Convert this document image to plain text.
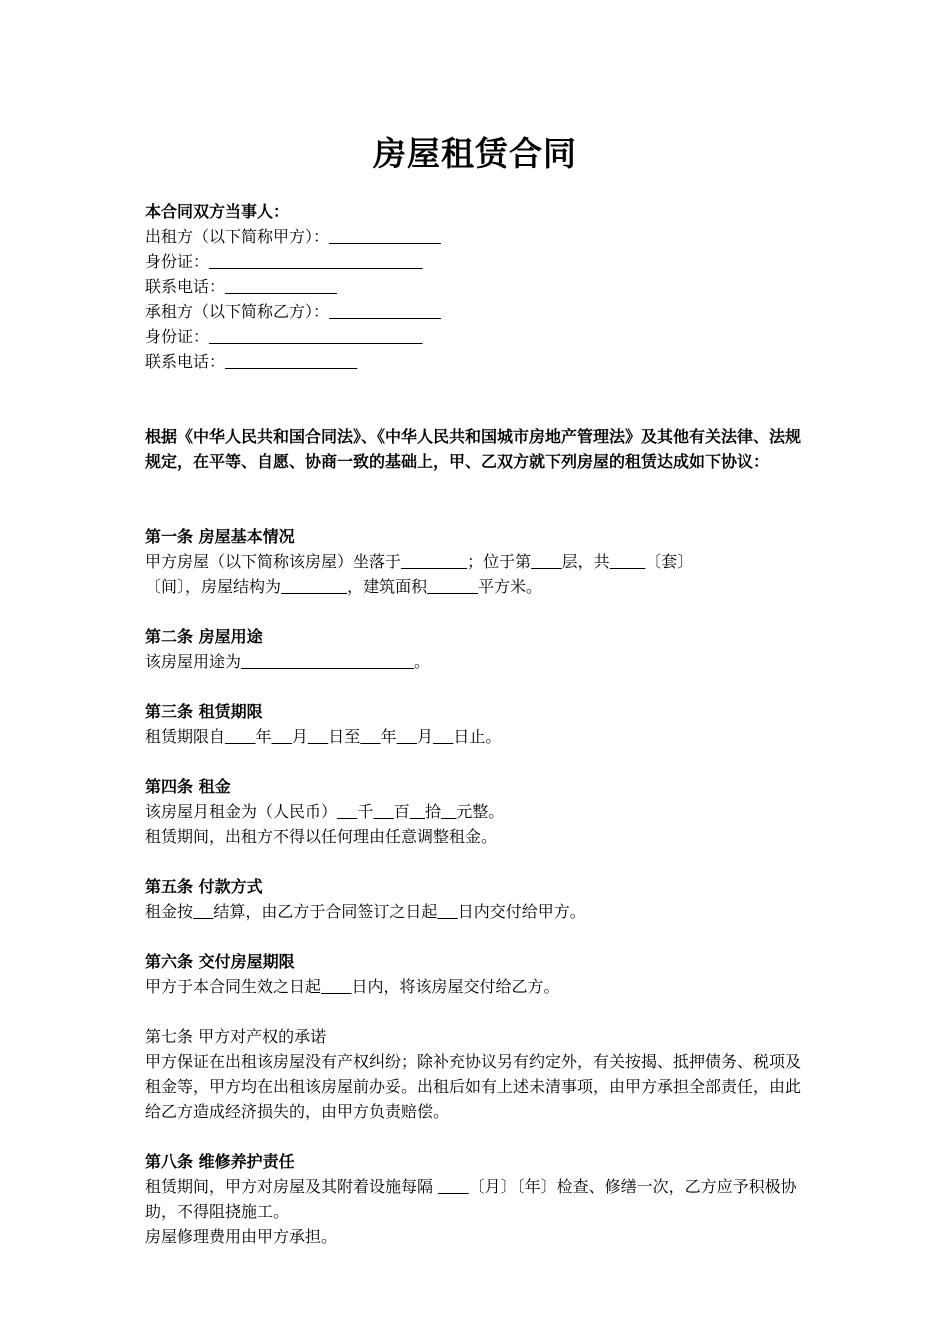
房屋租赁合同
本合同双方当事人：
出租方（以下简称甲方）：
身份证：
联系电话：
承租方（以下简称乙方）：
身份证：
联系电话：
根据《中华人民共和国合同法》、《中华人民共和国城市房地产管理法》及其他有关法律、法规规定，在平等、自愿、协商一致的基础上，甲、乙双方就下列房屋的租赁达成如下协议：
第一条 房屋基本情况
甲方房屋（以下简称该房屋）坐落于	；位于第 层，共 〔套〕
〔间〕，房屋结构为	，建筑面积	平方米。
第二条 房屋用途
该房屋用途为	。
第三条 租赁期限
租赁期限自 年 月 日至 年 月 日止。
第四条 租金
该房屋月租金为（人民币） 千 百 拾 元整。
租赁期间，出租方不得以任何理由任意调整租金。
第五条 付款方式
租金按 结算，由乙方于合同签订之日起 日内交付给甲方。
第六条 交付房屋期限
甲方于本合同生效之日起 日内，将该房屋交付给乙方。
第七条 甲方对产权的承诺
甲方保证在出租该房屋没有产权纠纷；除补充协议另有约定外，有关按揭、抵押债务、税项及租金等，甲方均在出租该房屋前办妥。出租后如有上述未清事项，由甲方承担全部责任，由此给乙方造成经济损失的，由甲方负责赔偿。
第八条 维修养护责任
租赁期间，甲方对房屋及其附着设施每隔       〔月〕〔年〕检查、修缮一次，乙方应予积极协助，不得阻挠施工。
房屋修理费用由甲方承担。
